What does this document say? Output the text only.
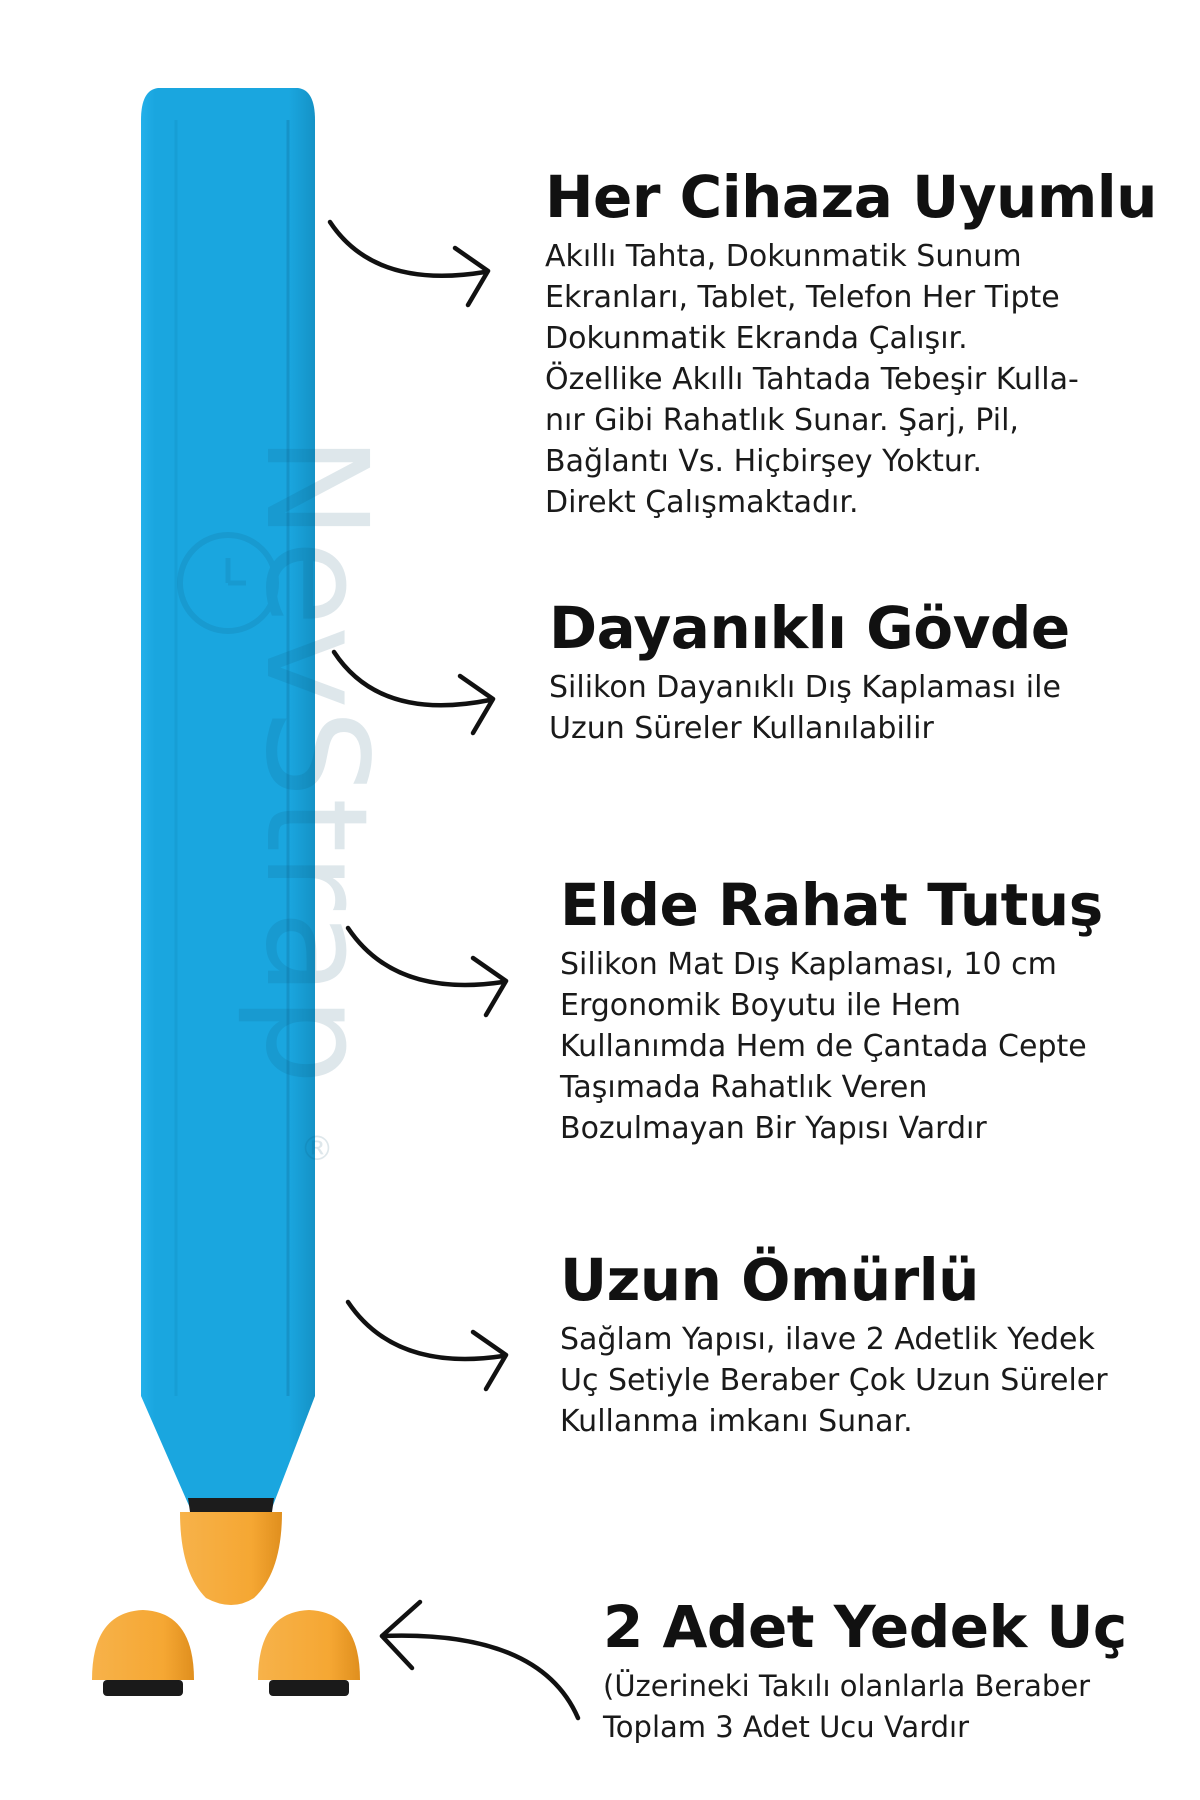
NevStrap
®
Her Cihaza Uyumlu

Akıllı Tahta, Dokunmatik Sunum
Ekranları, Tablet, Telefon Her Tipte
Dokunmatik Ekranda Çalışır.
Özellike Akıllı Tahtada Tebeşir Kulla-
nır Gibi Rahatlık Sunar. Şarj, Pil,
Bağlantı Vs. Hiçbirşey Yoktur.
Direkt Çalışmaktadır.

Dayanıklı Gövde

Silikon Dayanıklı Dış Kaplaması ile
Uzun Süreler Kullanılabilir

Elde Rahat Tutuş

Silikon Mat Dış Kaplaması, 10 cm
Ergonomik Boyutu ile Hem
Kullanımda Hem de Çantada Cepte
Taşımada Rahatlık Veren
Bozulmayan Bir Yapısı Vardır

Uzun Ömürlü

Sağlam Yapısı, ilave 2 Adetlik Yedek
Uç Setiyle Beraber Çok Uzun Süreler
Kullanma imkanı Sunar.

2 Adet Yedek Uç

(Üzerineki Takılı olanlarla Beraber
Toplam 3 Adet Ucu Vardır
